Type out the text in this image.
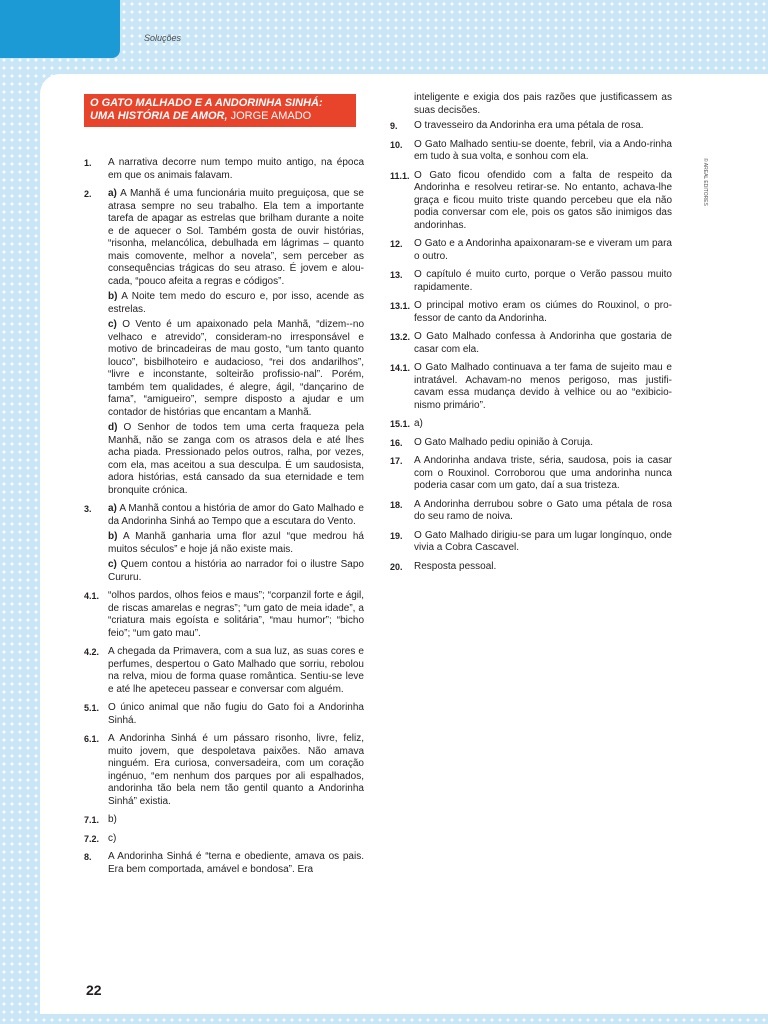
Soluções
© AREAL EDITORES
O GATO MALHADO E A ANDORINHA SINHÁ: UMA HISTÓRIA DE AMOR, JORGE AMADO
1.	A narrativa decorre num tempo muito antigo, na época em que os animais falavam.
2.	a) A Manhã é uma funcionária muito preguiçosa, que se atrasa sempre no seu trabalho. Ela tem a importante tarefa de apagar as estrelas que brilham durante a noite e de aquecer o Sol. Também gosta de ouvir histórias, “risonha, melancólica, debulhada em lágrimas – quanto mais comovente, melhor a novela”, sem perceber as consequências trágicas do seu atraso. É jovem e alou-cada, “pouco afeita a regras e códigos”.
b) A Noite tem medo do escuro e, por isso, acende as estrelas.
c) O Vento é um apaixonado pela Manhã, “dizem--no velhaco e atrevido”, consideram-no irresponsável e motivo de brincadeiras de mau gosto, “um tanto quanto louco”, bisbilhoteiro e audacioso, “rei dos andarilhos”, “livre e inconstante, solteirão profissio-nal”. Porém, também tem qualidades, é alegre, ágil, “dançarino de fama”, “amigueiro”, sempre disposto a ajudar e um contador de histórias que encantam a Manhã.
d) O Senhor de todos tem uma certa fraqueza pela Manhã, não se zanga com os atrasos dela e até lhes acha piada. Pressionado pelos outros, ralha, por vezes, com ela, mas aceitou a sua desculpa. É um saudosista, adora histórias, está cansado da sua eternidade e tem bronquite crónica.
3.	a) A Manhã contou a história de amor do Gato Malhado e da Andorinha Sinhá ao Tempo que a escutara do Vento.
b) A Manhã ganharia uma flor azul “que medrou há muitos séculos” e hoje já não existe mais.
c) Quem contou a história ao narrador foi o ilustre Sapo Cururu.
4.1. “olhos pardos, olhos feios e maus”; “corpanzil forte e ágil, de riscas amarelas e negras”; “um gato de meia idade”, a “criatura mais egoísta e solitária”, “mau humor”; “bicho feio”; “um gato mau”.
4.2. A chegada da Primavera, com a sua luz, as suas cores e perfumes, despertou o Gato Malhado que sorriu, rebolou na relva, miou de forma quase romântica. Sentiu-se leve e até lhe apeteceu passear e conversar com alguém.
5.1. O único animal que não fugiu do Gato foi a Andorinha Sinhá.
6.1. A Andorinha Sinhá é um pássaro risonho, livre, feliz, muito jovem, que despoletava paixões. Não amava ninguém. Era curiosa, conversadeira, com um coração ingénuo, “em nenhum dos parques por ali espalhados, andorinha tão bela nem tão gentil quanto a Andorinha Sinhá” existia.
7.1. b)
7.2. c)
8.	A Andorinha Sinhá é “terna e obediente, amava os pais. Era bem comportada, amável e bondosa”. Era
inteligente e exigia dos pais razões que justificassem as suas decisões.
9.	O travesseiro da Andorinha era uma pétala de rosa.
10.	O Gato Malhado sentiu-se doente, febril, via a Ando-rinha em tudo à sua volta, e sonhou com ela.
11.1. O Gato ficou ofendido com a falta de respeito da Andorinha e resolveu retirar-se. No entanto, achava-lhe graça e ficou muito triste quando percebeu que ela não podia conversar com ele, pois os gatos são inimigos das andorinhas.
12.	O Gato e a Andorinha apaixonaram-se e viveram um para o outro.
13.	O capítulo é muito curto, porque o Verão passou muito rapidamente.
13.1. O principal motivo eram os ciúmes do Rouxinol, o pro-fessor de canto da Andorinha.
13.2. O Gato Malhado confessa à Andorinha que gostaria de casar com ela.
14.1. O Gato Malhado continuava a ter fama de sujeito mau e intratável. Achavam-no menos perigoso, mas justifi-cavam essa mudança devido à velhice ou ao “exibicio-nismo primário”.
15.1. a)
16.	O Gato Malhado pediu opinião à Coruja.
17.	A Andorinha andava triste, séria, saudosa, pois ia casar com o Rouxinol. Corroborou que uma andorinha nunca poderia casar com um gato, daí a sua tristeza.
18.	A Andorinha derrubou sobre o Gato uma pétala de rosa do seu ramo de noiva.
19.	O Gato Malhado dirigiu-se para um lugar longínquo, onde vivia a Cobra Cascavel.
20.	Resposta pessoal.
22
